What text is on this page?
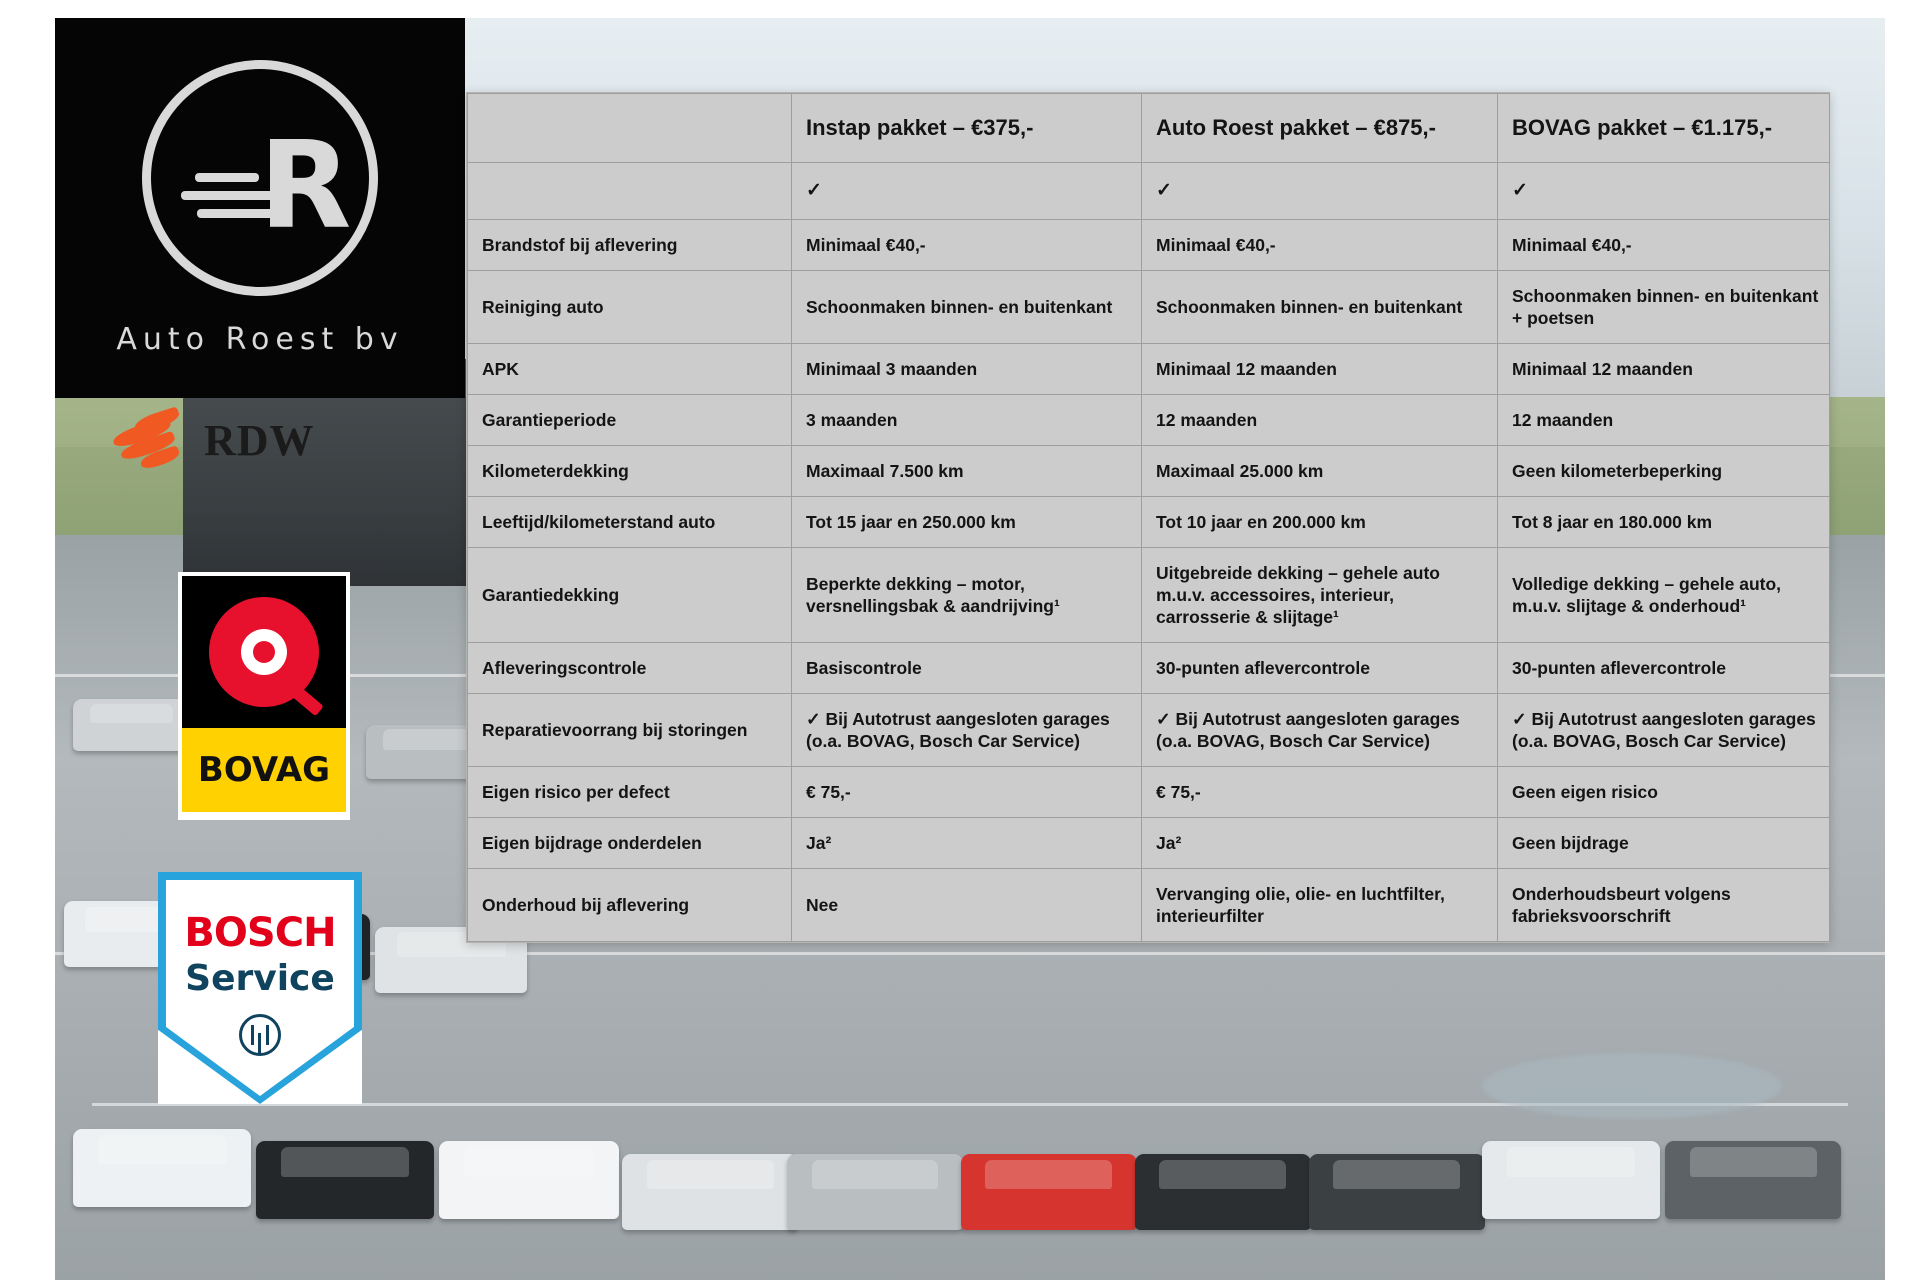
R
Auto Roest bv
RDW
BOVAG
BOSCH
Service
	Instap pakket – €375,-	Auto Roest pakket – €875,-	BOVAG pakket – €1.175,-
	✓	✓	✓
Brandstof bij aflevering	Minimaal €40,-	Minimaal €40,-	Minimaal €40,-
Reiniging auto	Schoonmaken binnen- en buitenkant	Schoonmaken binnen- en buitenkant	Schoonmaken binnen- en buitenkant + poetsen
APK	Minimaal 3 maanden	Minimaal 12 maanden	Minimaal 12 maanden
Garantieperiode	3 maanden	12 maanden	12 maanden
Kilometerdekking	Maximaal 7.500 km	Maximaal 25.000 km	Geen kilometerbeperking
Leeftijd/kilometerstand auto	Tot 15 jaar en 250.000 km	Tot 10 jaar en 200.000 km	Tot 8 jaar en 180.000 km
Garantiedekking	Beperkte dekking – motor, versnellingsbak & aandrijving¹	Uitgebreide dekking – gehele auto m.u.v. accessoires, interieur, carrosserie & slijtage¹	Volledige dekking – gehele auto, m.u.v. slijtage & onderhoud¹
Afleveringscontrole	Basiscontrole	30-punten aflevercontrole	30-punten aflevercontrole
Reparatievoorrang bij storingen	✓ Bij Autotrust aangesloten garages (o.a. BOVAG, Bosch Car Service)	✓ Bij Autotrust aangesloten garages (o.a. BOVAG, Bosch Car Service)	✓ Bij Autotrust aangesloten garages (o.a. BOVAG, Bosch Car Service)
Eigen risico per defect	€ 75,-	€ 75,-	Geen eigen risico
Eigen bijdrage onderdelen	Ja²	Ja²	Geen bijdrage
Onderhoud bij aflevering	Nee	Vervanging olie, olie- en luchtfilter, interieurfilter	Onderhoudsbeurt volgens fabrieksvoorschrift
